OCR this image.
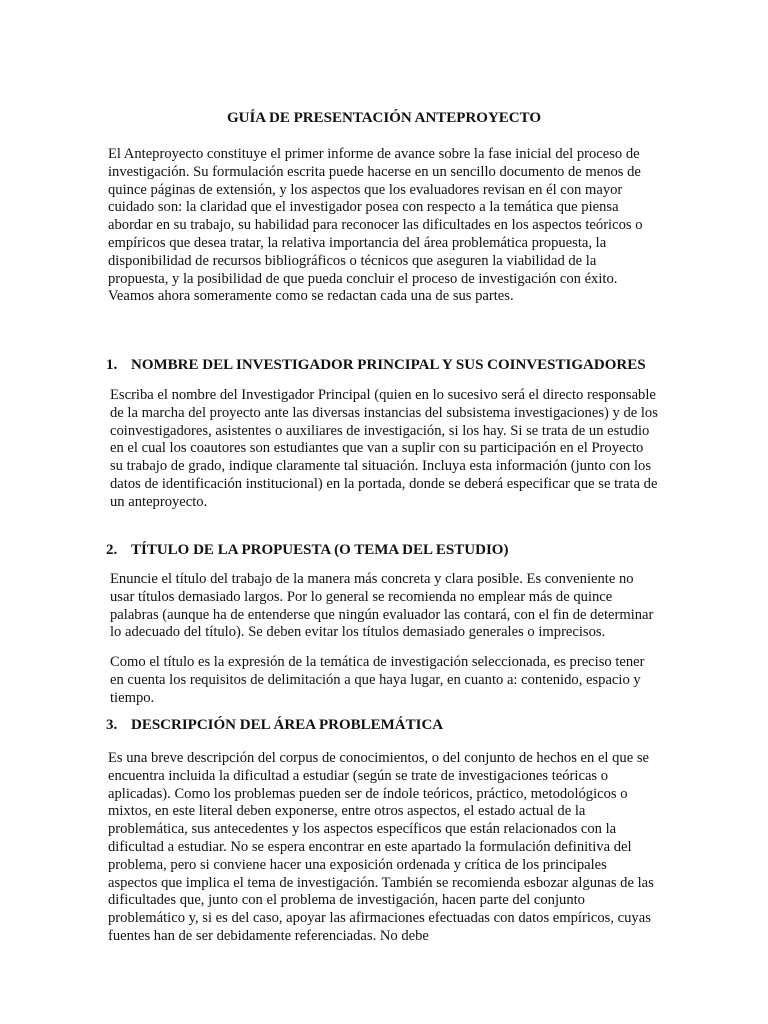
GUÍA DE PRESENTACIÓN ANTEPROYECTO

El Anteproyecto constituye el primer informe de avance sobre la fase inicial del proceso de investigación. Su formulación escrita puede hacerse en un sencillo documento de menos de quince páginas de extensión, y los aspectos que los evaluadores revisan en él con mayor cuidado son: la claridad que el investigador posea con respecto a la temática que piensa abordar en su trabajo, su habilidad para reconocer las dificultades en los aspectos teóricos o empíricos que desea tratar, la relativa importancia del área problemática propuesta, la disponibilidad de recursos bibliográficos o técnicos que aseguren la viabilidad de la propuesta, y la posibilidad de que pueda concluir el proceso de investigación con éxito. Veamos ahora someramente como se redactan cada una de sus partes.

1. NOMBRE DEL INVESTIGADOR PRINCIPAL Y SUS COINVESTIGADORES

Escriba el nombre del Investigador Principal (quien en lo sucesivo será el directo responsable de la marcha del proyecto ante las diversas instancias del subsistema investigaciones) y de los coinvestigadores, asistentes o auxiliares de investigación, si los hay. Si se trata de un estudio en el cual los coautores son estudiantes que van a suplir con su participación en el Proyecto su trabajo de grado, indique claramente tal situación. Incluya esta información (junto con los datos de identificación institucional) en la portada, donde se deberá especificar que se trata de un anteproyecto.

2. TÍTULO DE LA PROPUESTA (O TEMA DEL ESTUDIO)

Enuncie el título del trabajo de la manera más concreta y clara posible. Es conveniente no usar títulos demasiado largos. Por lo general se recomienda no emplear más de quince palabras (aunque ha de entenderse que ningún evaluador las contará, con el fin de determinar lo adecuado del título). Se deben evitar los títulos demasiado generales o imprecisos.

Como el título es la expresión de la temática de investigación seleccionada, es preciso tener en cuenta los requisitos de delimitación a que haya lugar, en cuanto a: contenido, espacio y tiempo.

3. DESCRIPCIÓN DEL ÁREA PROBLEMÁTICA

Es una breve descripción del corpus de conocimientos, o del conjunto de hechos en el que se encuentra incluida la dificultad a estudiar (según se trate de investigaciones teóricas o aplicadas). Como los problemas pueden ser de índole teóricos, práctico, metodológicos o mixtos, en este literal deben exponerse, entre otros aspectos, el estado actual de la problemática, sus antecedentes y los aspectos específicos que están relacionados con la dificultad a estudiar. No se espera encontrar en este apartado la formulación definitiva del problema, pero si conviene hacer una exposición ordenada y crítica de los principales aspectos que implica el tema de investigación. También se recomienda esbozar algunas de las dificultades que, junto con el problema de investigación, hacen parte del conjunto problemático y, si es del caso, apoyar las afirmaciones efectuadas con datos empíricos, cuyas fuentes han de ser debidamente referenciadas. No debe
